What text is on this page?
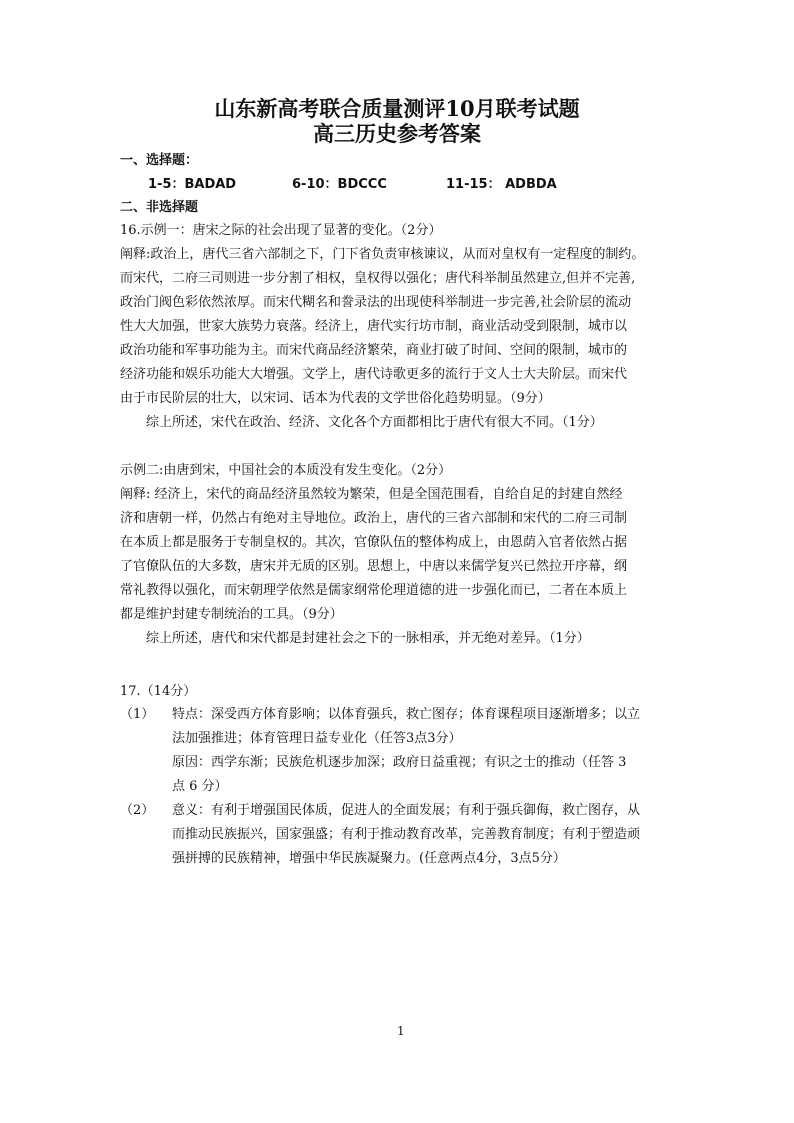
山东新高考联合质量测评10月联考试题
高三历史参考答案
一、选择题：
1-5：BADAD	6-10：BDCCC	11-15： ADBDA
二、非选择题
16.示例一：唐宋之际的社会出现了显著的变化。（2分）
阐释:政治上，唐代三省六部制之下，门下省负责审核谏议，从而对皇权有一定程度的制约。
而宋代，二府三司则进一步分割了相权，皇权得以强化；唐代科举制虽然建立,但并不完善,
政治门阀色彩依然浓厚。而宋代糊名和誊录法的出现使科举制进一步完善,社会阶层的流动
性大大加强，世家大族势力衰落。经济上，唐代实行坊市制，商业活动受到限制，城市以
政治功能和军事功能为主。而宋代商品经济繁荣，商业打破了时间、空间的限制，城市的
经济功能和娱乐功能大大增强。文学上，唐代诗歌更多的流行于文人士大夫阶层。而宋代
由于市民阶层的壮大，以宋词、话本为代表的文学世俗化趋势明显。（9分）
综上所述，宋代在政治、经济、文化各个方面都相比于唐代有很大不同。（1分）
示例二:由唐到宋，中国社会的本质没有发生变化。（2分）
阐释: 经济上，宋代的商品经济虽然较为繁荣，但是全国范围看，自给自足的封建自然经
济和唐朝一样，仍然占有绝对主导地位。政治上，唐代的三省六部制和宋代的二府三司制
在本质上都是服务于专制皇权的。其次，官僚队伍的整体构成上，由恩荫入官者依然占据
了官僚队伍的大多数，唐宋并无质的区别。思想上，中唐以来儒学复兴已然拉开序幕，纲
常礼教得以强化，而宋朝理学依然是儒家纲常伦理道德的进一步强化而已，二者在本质上
都是维护封建专制统治的工具。（9分）
综上所述，唐代和宋代都是封建社会之下的一脉相承，并无绝对差异。（1分）
17.（14分）
（1） 特点：深受西方体育影响；以体育强兵，救亡图存；体育课程项目逐渐增多；以立
法加强推进；体育管理日益专业化（任答3点3分）
原因：西学东渐；民族危机逐步加深；政府日益重视；有识之士的推动（任答 3
点 6 分）
（2） 意义：有利于增强国民体质，促进人的全面发展；有利于强兵御侮，救亡图存，从
而推动民族振兴，国家强盛；有利于推动教育改革，完善教育制度；有利于塑造顽
强拼搏的民族精神，增强中华民族凝聚力。(任意两点4分，3点5分）
1
